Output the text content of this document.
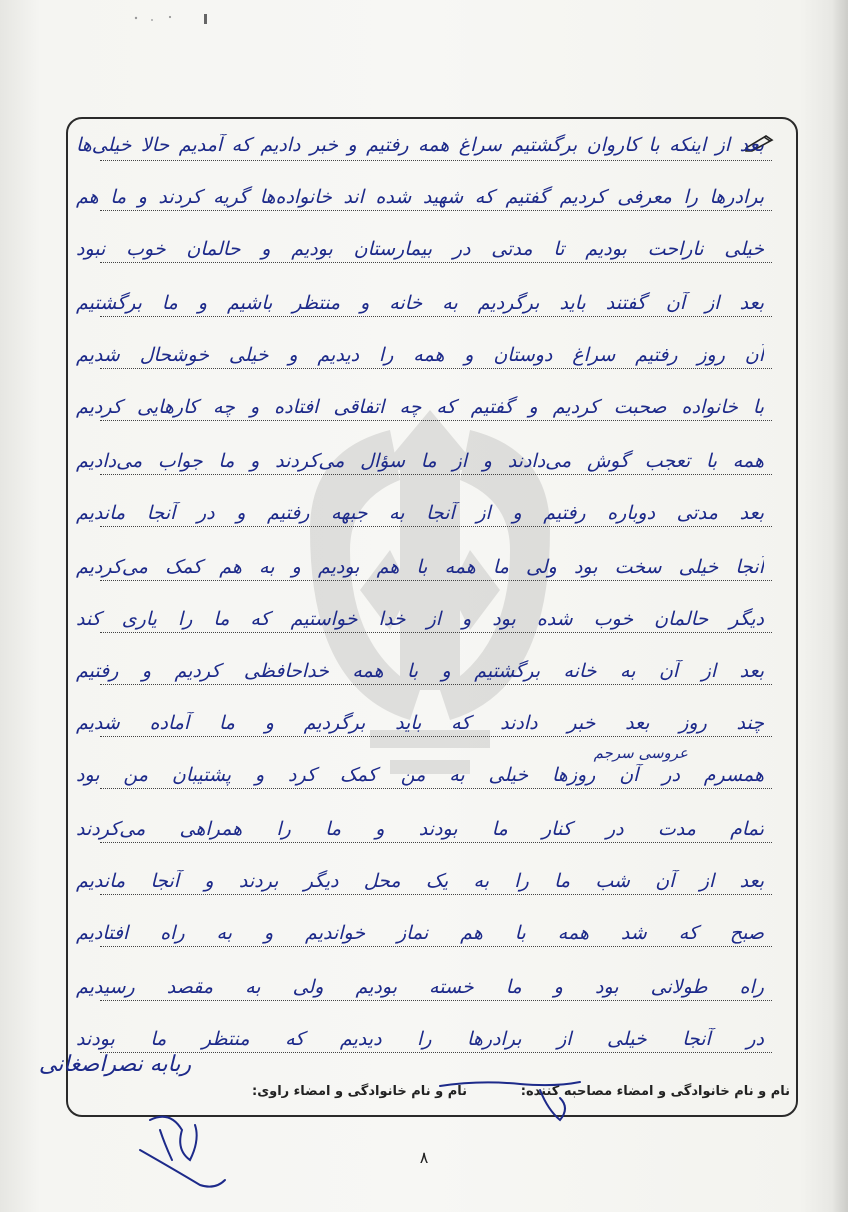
بعد از اینکه با کاروان برگشتیم سراغ همه رفتیم و خبر دادیم که آمدیم حالا خیلی‌ها
برادرها را معرفی کردیم گفتیم که شهید شده اند خانواده‌ها گریه کردند و ما هم
خیلی ناراحت بودیم تا مدتی در بیمارستان بودیم و حالمان خوب نبود
بعد از آن گفتند باید برگردیم به خانه و منتظر باشیم و ما برگشتیم
آن روز رفتیم سراغ دوستان و همه را دیدیم و خیلی خوشحال شدیم
با خانواده صحبت کردیم و گفتیم که چه اتفاقی افتاده و چه کارهایی کردیم
همه با تعجب گوش می‌دادند و از ما سؤال می‌کردند و ما جواب می‌دادیم
بعد مدتی دوباره رفتیم و از آنجا به جبهه رفتیم و در آنجا ماندیم
آنجا خیلی سخت بود ولی ما همه با هم بودیم و به هم کمک می‌کردیم
دیگر حالمان خوب شده بود و از خدا خواستیم که ما را یاری کند
بعد از آن به خانه برگشتیم و با همه خداحافظی کردیم و رفتیم
چند روز بعد خبر دادند که باید برگردیم و ما آماده شدیم
همسرم در آن روزها خیلی به من کمک کرد و پشتیبان من بود
تمام مدت در کنار ما بودند و ما را همراهی می‌کردند
بعد از آن شب ما را به یک محل دیگر بردند و آنجا ماندیم
صبح که شد همه با هم نماز خواندیم و به راه افتادیم
راه طولانی بود و ما خسته بودیم ولی به مقصد رسیدیم
در آنجا خیلی از برادرها را دیدیم که منتظر ما بودند
عروسی سرجم
نام و نام خانوادگی و امضاء مصاحبه کننده:
نام و نام خانوادگی و امضاء راوی:
ربابه نصراصغانی
۸
